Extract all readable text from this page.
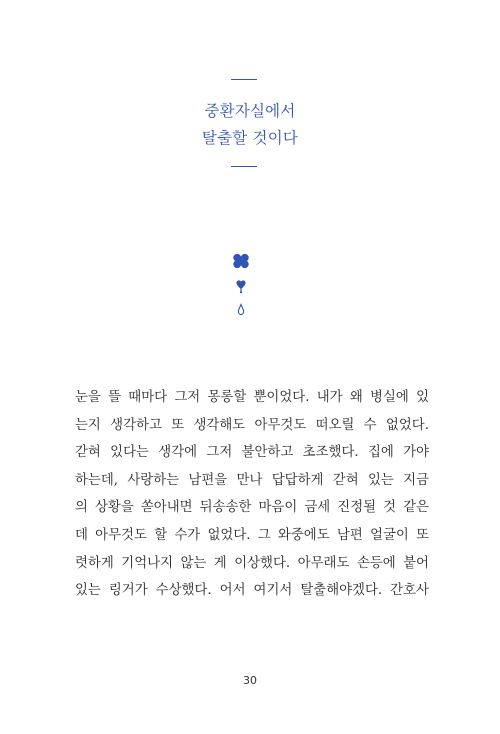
중환자실에서
탈출할 것이다
눈을 뜰 때마다 그저 몽롱할 뿐이었다. 내가 왜 병실에 있
는지 생각하고 또 생각해도 아무것도 떠오릴 수 없었다.
갇혀 있다는 생각에 그저 불안하고 초조했다. 집에 가야
하는데, 사랑하는 남편을 만나 답답하게 갇혀 있는 지금
의 상황을 쏟아내면 뒤송송한 마음이 금세 진정될 것 같은
데 아무것도 할 수가 없었다. 그 와중에도 남편 얼굴이 또
렷하게 기억나지 않는 게 이상했다. 아무래도 손등에 붙어
있는 링거가 수상했다. 어서 여기서 탈출해야겠다. 간호사
30
